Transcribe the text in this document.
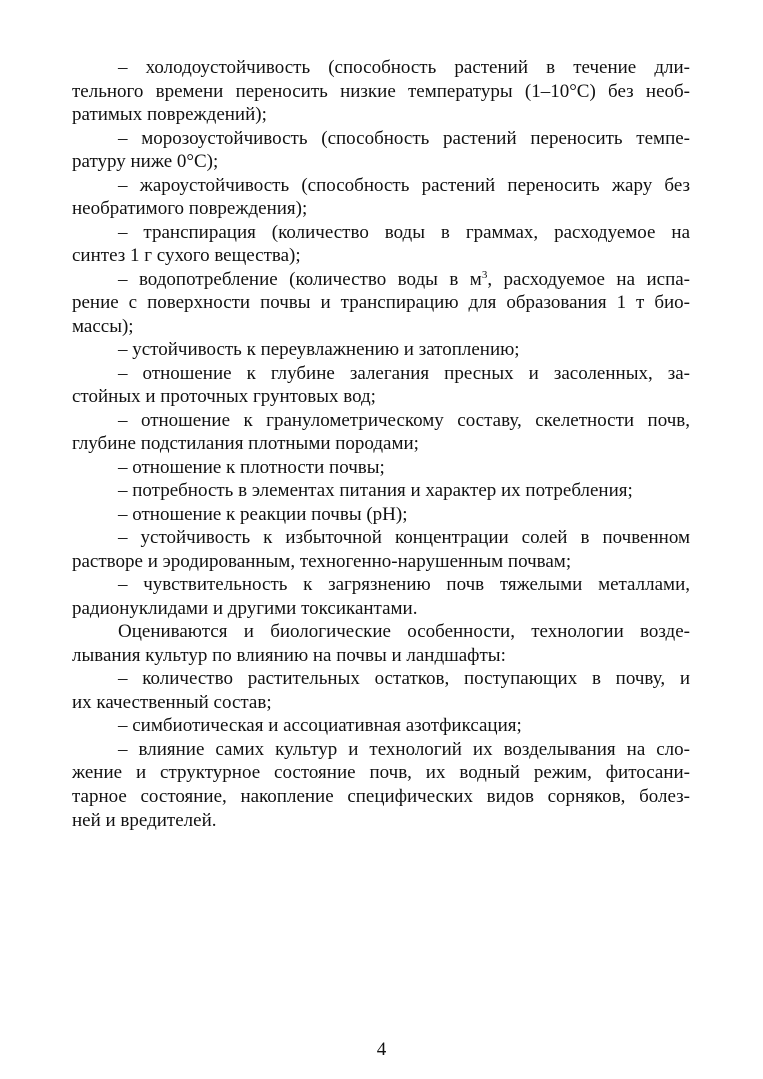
– холодоустойчивость (способность растений в течение дли-
тельного времени переносить низкие температуры (1–10°С) без необ-
ратимых повреждений);
– морозоустойчивость (способность растений переносить темпе-
ратуру ниже 0°С);
– жароустойчивость (способность растений переносить жару без
необратимого повреждения);
– транспирация (количество воды в граммах, расходуемое на
синтез 1 г сухого вещества);
– водопотребление (количество воды в $м^3$, расходуемое на испа-
рение с поверхности почвы и транспирацию для образования 1 т био-
массы);
– устойчивость к переувлажнению и затоплению;
– отношение к глубине залегания пресных и засоленных, за-
стойных и проточных грунтовых вод;
– отношение к гранулометрическому составу, скелетности почв,
глубине подстилания плотными породами;
– отношение к плотности почвы;
– потребность в элементах питания и характер их потребления;
– отношение к реакции почвы (pH);
– устойчивость к избыточной концентрации солей в почвенном
растворе и эродированным, техногенно-нарушенным почвам;
– чувствительность к загрязнению почв тяжелыми металлами,
радионуклидами и другими токсикантами.
Оцениваются и биологические особенности, технологии возде-
лывания культур по влиянию на почвы и ландшафты:
– количество растительных остатков, поступающих в почву, и
их качественный состав;
– симбиотическая и ассоциативная азотфиксация;
– влияние самих культур и технологий их возделывания на сло-
жение и структурное состояние почв, их водный режим, фитосани-
тарное состояние, накопление специфических видов сорняков, болез-
ней и вредителей.
4
